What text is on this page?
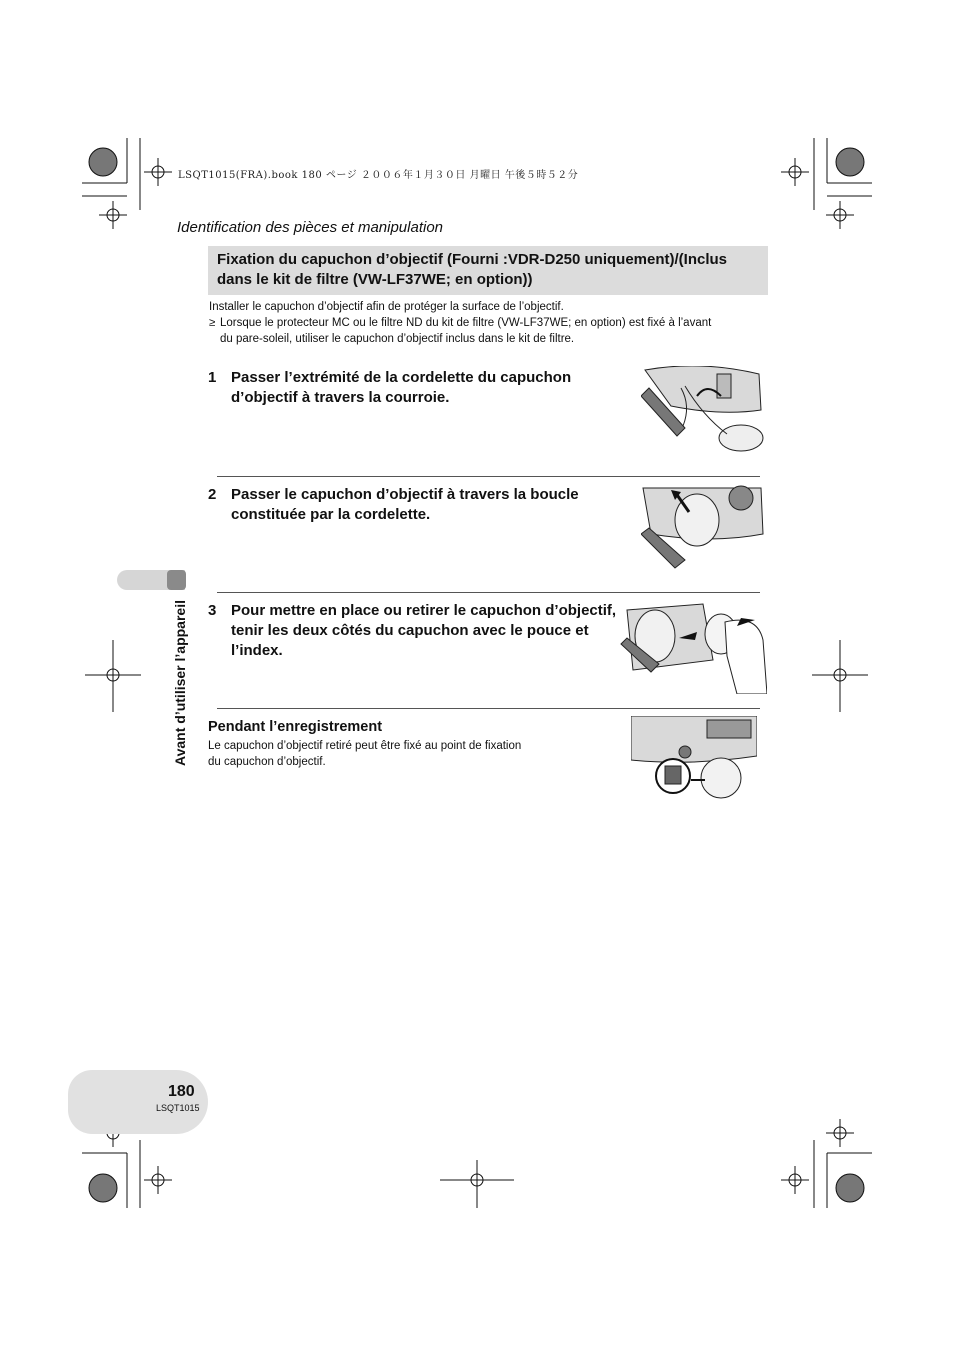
LSQT1015(FRA).book 180 ページ ２００６年１月３０日 月曜日 午後５時５２分
Identification des pièces et manipulation
Fixation du capuchon d’objectif (Fourni :VDR-D250 uniquement)/(Inclus
dans le kit de filtre (VW-LF37WE; en option))

Installer le capuchon d’objectif afin de protéger la surface de l’objectif.

≥ Lorsque le protecteur MC ou le filtre ND du kit de filtre (VW-LF37WE; en option) est fixé à l’avant

du pare-soleil, utiliser le capuchon d’objectif inclus dans le kit de filtre.

1 Passer l’extrémité de la cordelette du capuchon d’objectif à travers la courroie.
2 Passer le capuchon d’objectif à travers la boucle constituée par la cordelette.
3 Pour mettre en place ou retirer le capuchon d’objectif, tenir les deux côtés du capuchon avec le pouce et l’index.
Pendant l’enregistrement
Le capuchon d’objectif retiré peut être fixé au point de fixation
du capuchon d’objectif.
Avant d’utiliser l’appareil
180
LSQT1015
